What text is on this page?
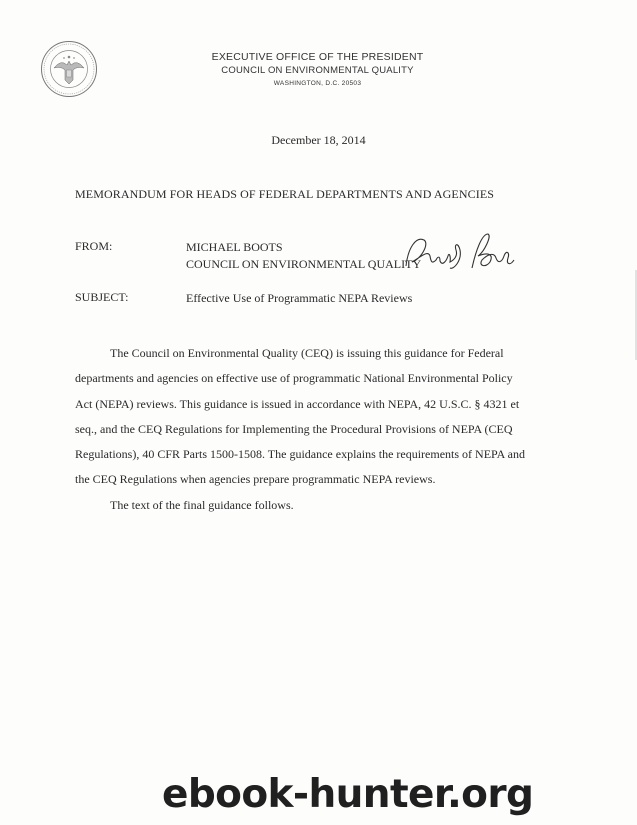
EXECUTIVE OFFICE OF THE PRESIDENT
COUNCIL ON ENVIRONMENTAL QUALITY
WASHINGTON, D.C. 20503
December 18, 2014
MEMORANDUM FOR HEADS OF FEDERAL DEPARTMENTS AND AGENCIES
FROM:	MICHAEL BOOTS
COUNCIL ON ENVIRONMENTAL QUALITY
SUBJECT:	Effective Use of Programmatic NEPA Reviews

The Council on Environmental Quality (CEQ) is issuing this guidance for Federal departments and agencies on effective use of programmatic National Environmental Policy Act (NEPA) reviews. This guidance is issued in accordance with NEPA, 42 U.S.C. § 4321 et seq., and the CEQ Regulations for Implementing the Procedural Provisions of NEPA (CEQ Regulations), 40 CFR Parts 1500-1508. The guidance explains the requirements of NEPA and the CEQ Regulations when agencies prepare programmatic NEPA reviews.

The text of the final guidance follows.

ebook-hunter.org
